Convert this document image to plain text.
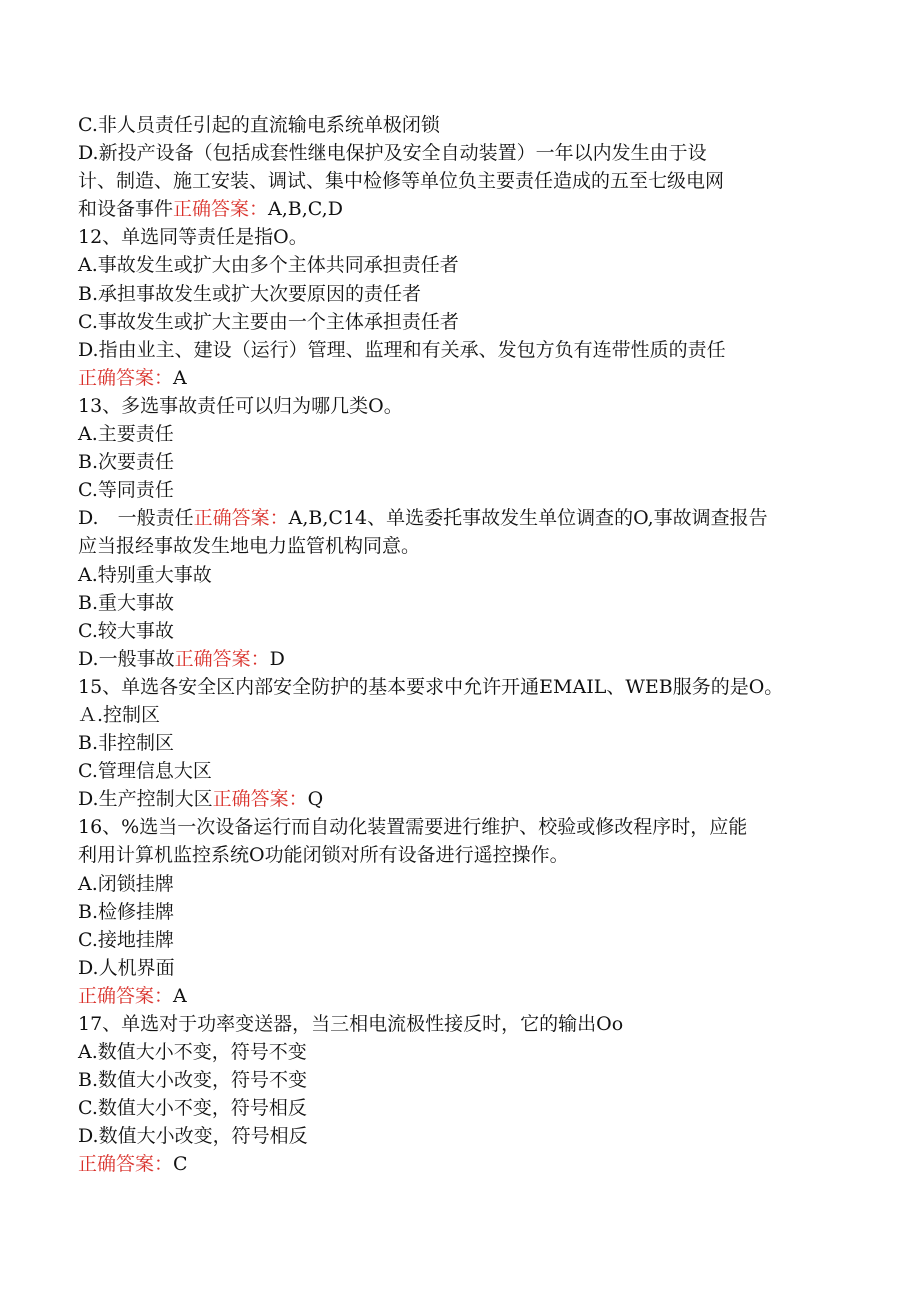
C.非人员责任引起的直流输电系统单极闭锁
D.新投产设备（包括成套性继电保护及安全自动装置）一年以内发生由于设
计、制造、施工安装、调试、集中检修等单位负主要责任造成的五至七级电网
和设备事件正确答案：A,B,C,D
12、单选同等责任是指O。
A.事故发生或扩大由多个主体共同承担责任者
B.承担事故发生或扩大次要原因的责任者
C.事故发生或扩大主要由一个主体承担责任者
D.指由业主、建设（运行）管理、监理和有关承、发包方负有连带性质的责任
正确答案：A
13、多选事故责任可以归为哪几类O。
A.主要责任
B.次要责任
C.等同责任
D.　一般责任正确答案：A,B,C14、单选委托事故发生单位调查的O,事故调查报告
应当报经事故发生地电力监管机构同意。
A.特别重大事故
B.重大事故
C.较大事故
D.一般事故正确答案：D
15、单选各安全区内部安全防护的基本要求中允许开通EMAIL、WEB服务的是O。
Ａ.控制区
B.非控制区
C.管理信息大区
D.生产控制大区正确答案：Q
16、%选当一次设备运行而自动化装置需要进行维护、校验或修改程序时，应能
利用计算机监控系统O功能闭锁对所有设备进行遥控操作。
A.闭锁挂牌
B.检修挂牌
C.接地挂牌
D.人机界面
正确答案：A
17、单选对于功率变送器，当三相电流极性接反时，它的输出Oo
A.数值大小不变，符号不变
B.数值大小改变，符号不变
C.数值大小不变，符号相反
D.数值大小改变，符号相反
正确答案：C
